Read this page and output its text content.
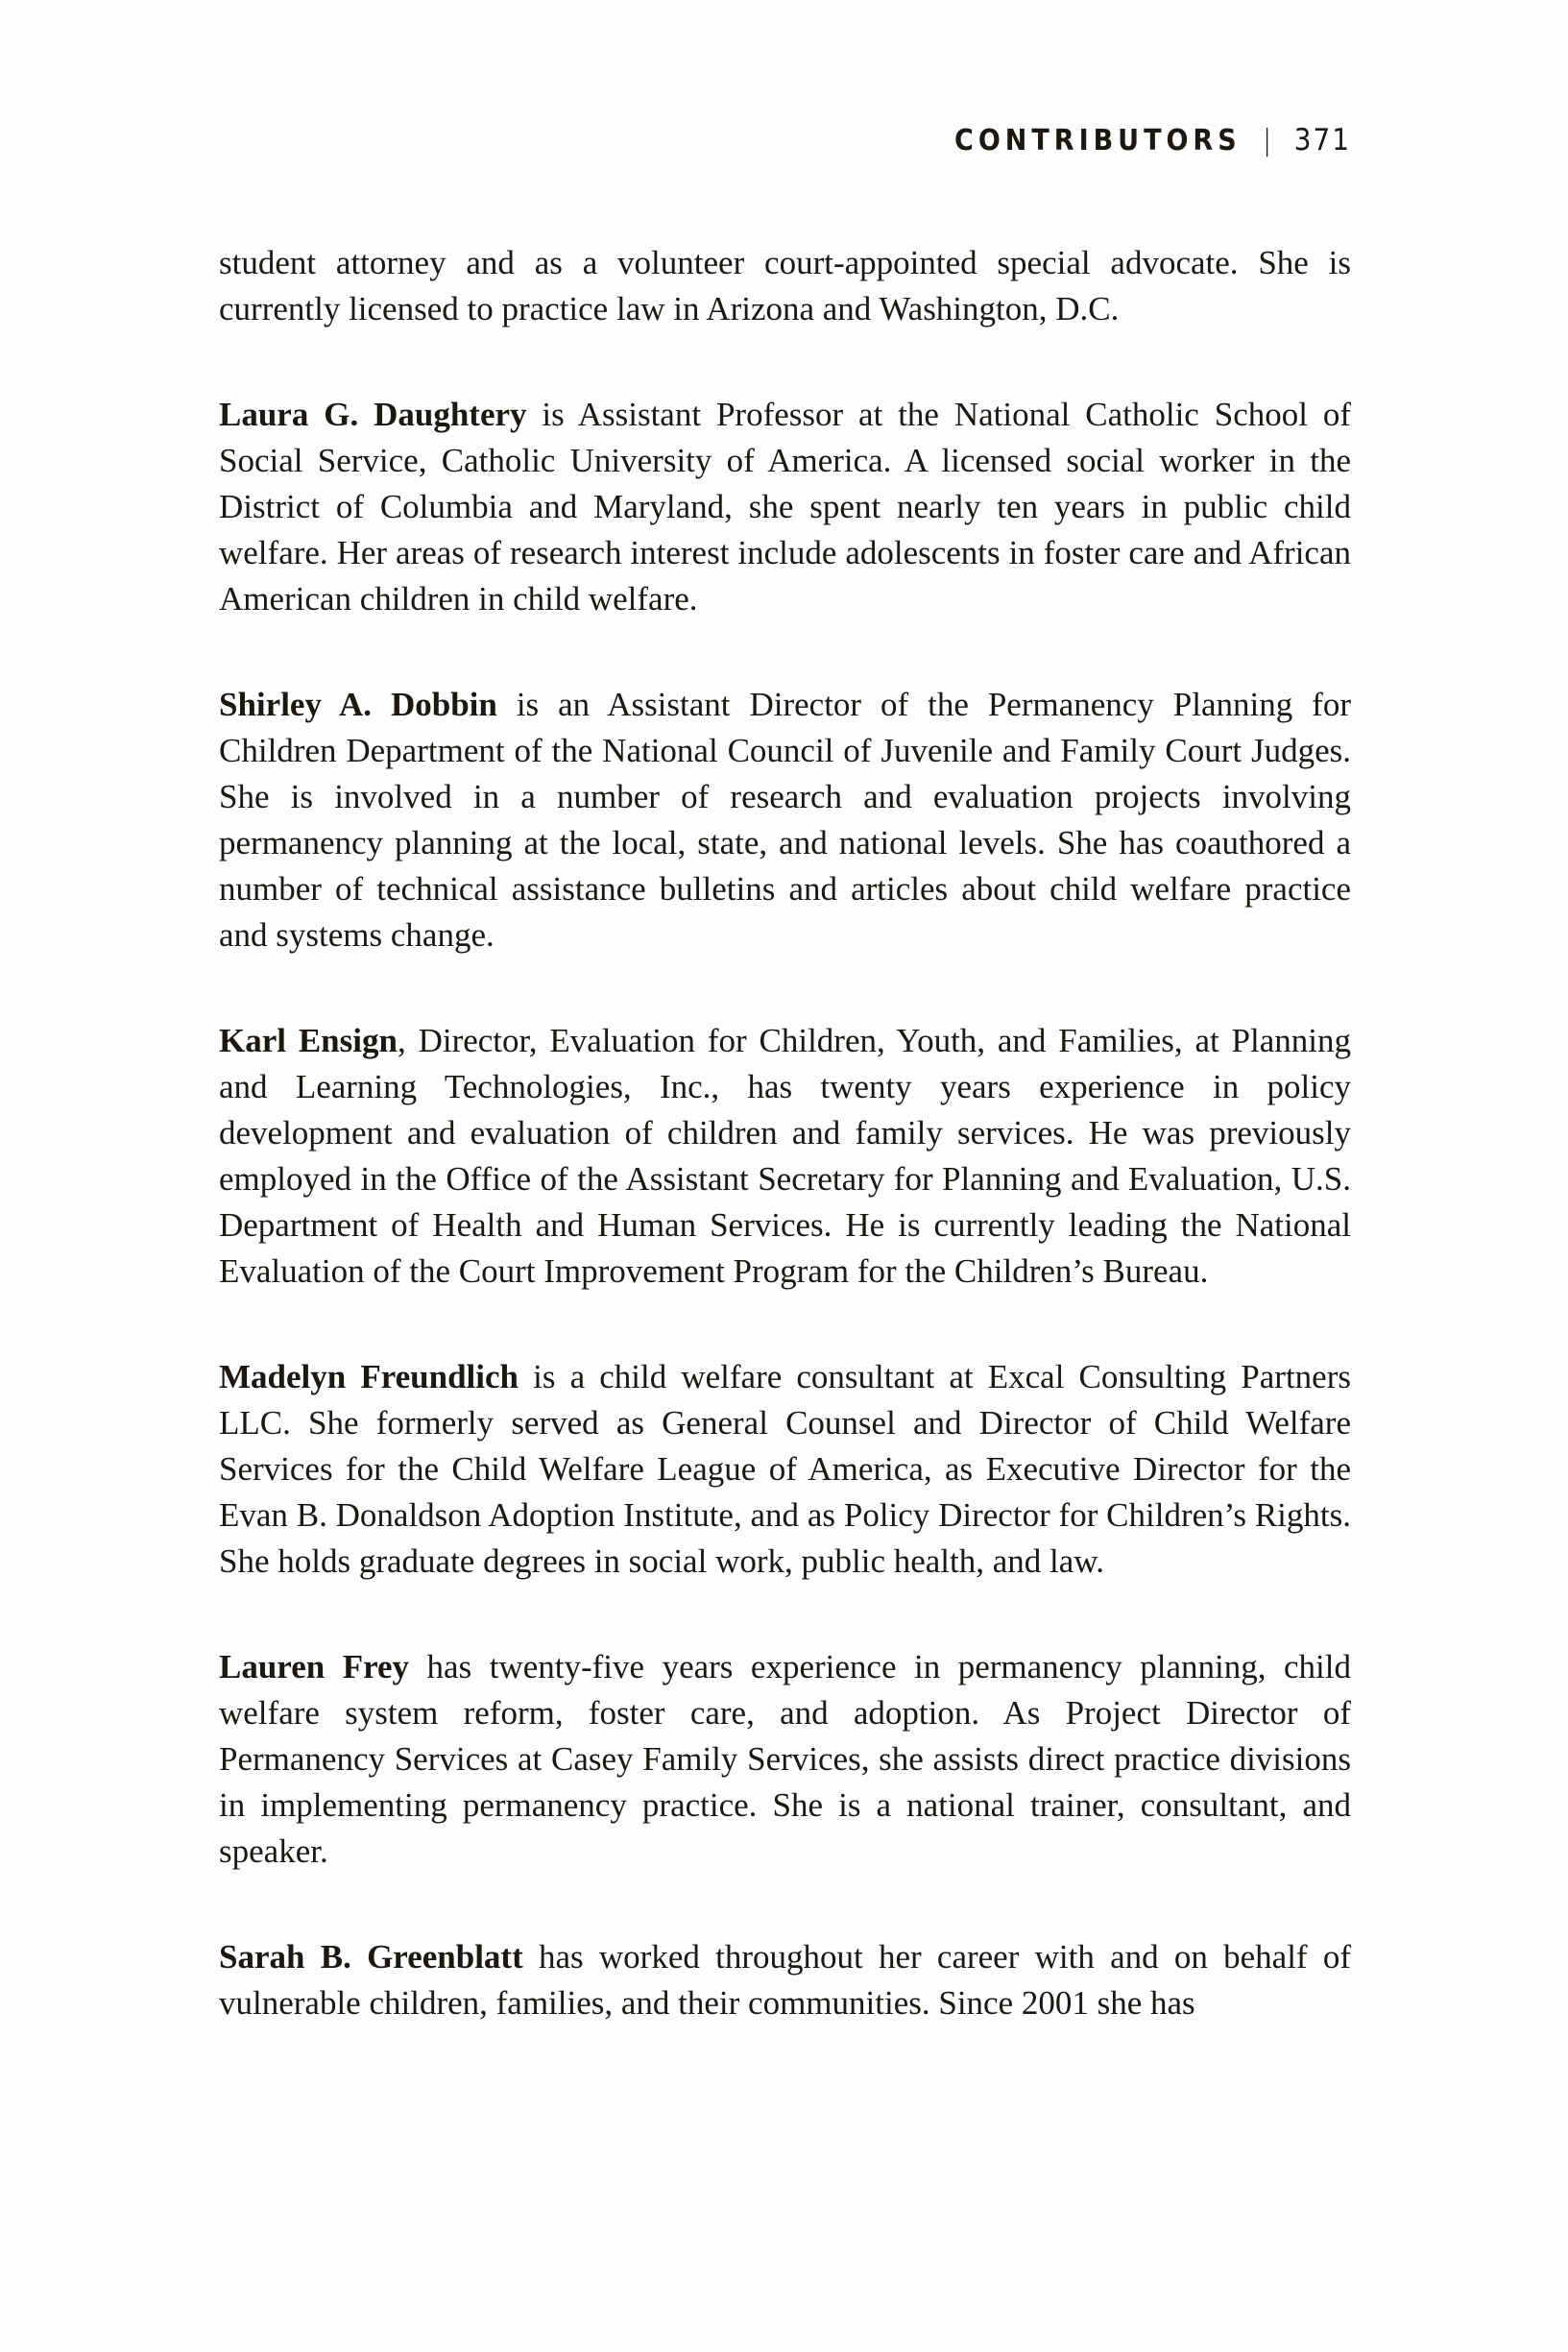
CONTRIBUTORS | 371

student attorney and as a volunteer court-appointed special advocate. She is currently licensed to practice law in Arizona and Washington, D.C.

Laura G. Daughtery is Assistant Professor at the National Catholic School of Social Service, Catholic University of America. A licensed social worker in the District of Columbia and Maryland, she spent nearly ten years in public child welfare. Her areas of research interest include adolescents in foster care and African American children in child welfare.

Shirley A. Dobbin is an Assistant Director of the Permanency Planning for Children Department of the National Council of Juvenile and Family Court Judges. She is involved in a number of research and evaluation projects involving permanency planning at the local, state, and national levels. She has coauthored a number of technical assistance bulletins and articles about child welfare practice and systems change.

Karl Ensign, Director, Evaluation for Children, Youth, and Families, at Planning and Learning Technologies, Inc., has twenty years experience in policy development and evaluation of children and family services. He was previously employed in the Office of the Assistant Secretary for Planning and Evaluation, U.S. Department of Health and Human Services. He is currently leading the National Evaluation of the Court Improvement Program for the Children’s Bureau.

Madelyn Freundlich is a child welfare consultant at Excal Consulting Partners LLC. She formerly served as General Counsel and Director of Child Welfare Services for the Child Welfare League of America, as Executive Director for the Evan B. Donaldson Adoption Institute, and as Policy Director for Children’s Rights. She holds graduate degrees in social work, public health, and law.

Lauren Frey has twenty-five years experience in permanency planning, child welfare system reform, foster care, and adoption. As Project Director of Permanency Services at Casey Family Services, she assists direct practice divisions in implementing permanency practice. She is a national trainer, consultant, and speaker.

Sarah B. Greenblatt has worked throughout her career with and on behalf of vulnerable children, families, and their communities. Since 2001 she has
